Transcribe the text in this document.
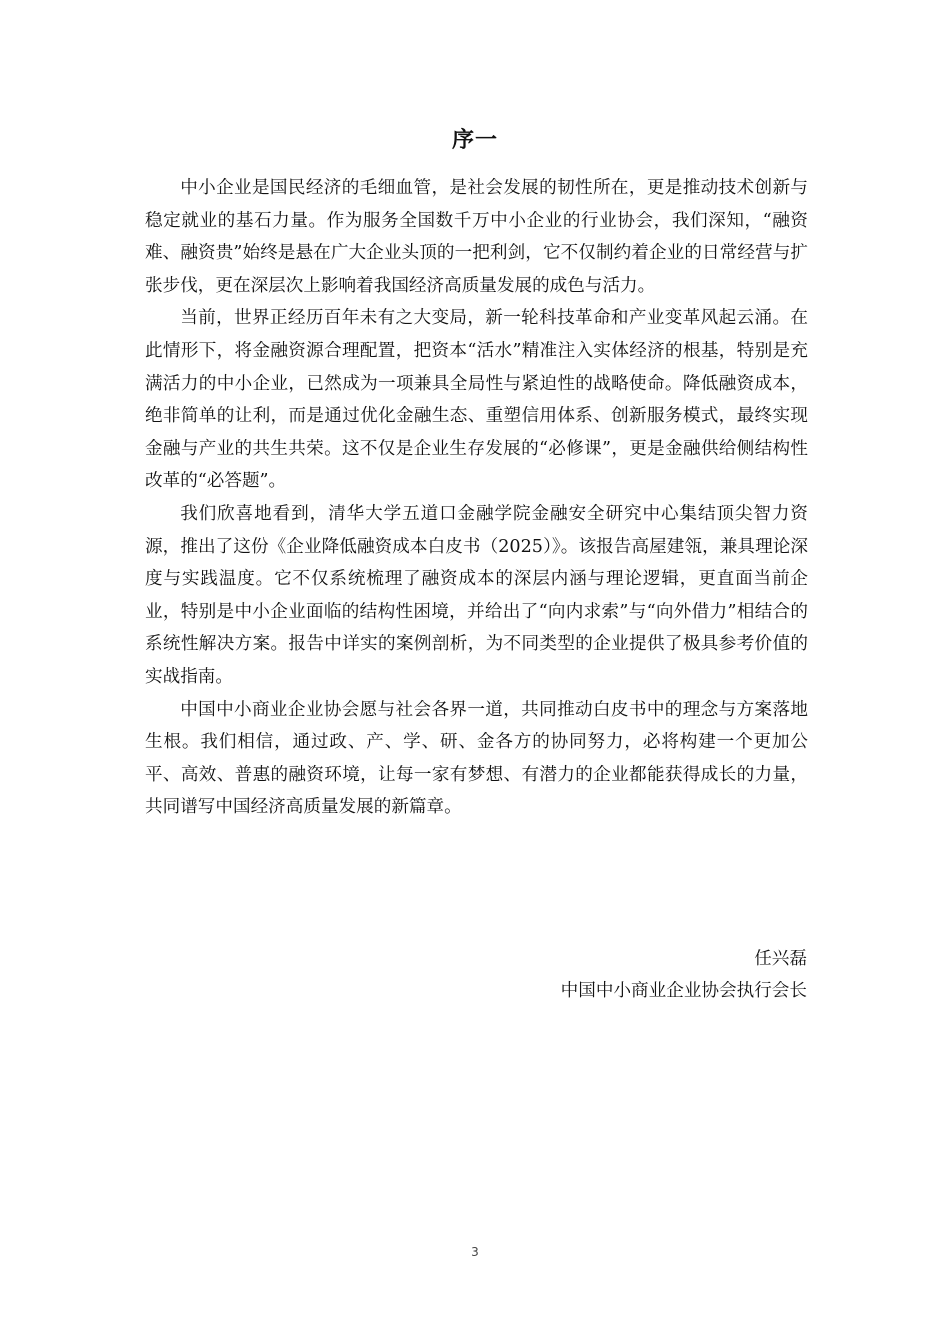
序一

中小企业是国民经济的毛细血管，是社会发展的韧性所在，更是推动技术创新与稳定就业的基石力量。作为服务全国数千万中小企业的行业协会，我们深知，“融资难、融资贵”始终是悬在广大企业头顶的一把利剑，它不仅制约着企业的日常经营与扩张步伐，更在深层次上影响着我国经济高质量发展的成色与活力。

当前，世界正经历百年未有之大变局，新一轮科技革命和产业变革风起云涌。在此情形下，将金融资源合理配置，把资本“活水”精准注入实体经济的根基，特别是充满活力的中小企业，已然成为一项兼具全局性与紧迫性的战略使命。降低融资成本，绝非简单的让利，而是通过优化金融生态、重塑信用体系、创新服务模式，最终实现金融与产业的共生共荣。这不仅是企业生存发展的“必修课”，更是金融供给侧结构性改革的“必答题”。

我们欣喜地看到，清华大学五道口金融学院金融安全研究中心集结顶尖智力资源，推出了这份《企业降低融资成本白皮书（2025）》。该报告高屋建瓴，兼具理论深度与实践温度。它不仅系统梳理了融资成本的深层内涵与理论逻辑，更直面当前企业，特别是中小企业面临的结构性困境，并给出了“向内求索”与“向外借力”相结合的系统性解决方案。报告中详实的案例剖析，为不同类型的企业提供了极具参考价值的实战指南。

中国中小商业企业协会愿与社会各界一道，共同推动白皮书中的理念与方案落地生根。我们相信，通过政、产、学、研、金各方的协同努力，必将构建一个更加公平、高效、普惠的融资环境，让每一家有梦想、有潜力的企业都能获得成长的力量，共同谱写中国经济高质量发展的新篇章。

任兴磊
中国中小商业企业协会执行会长
3
